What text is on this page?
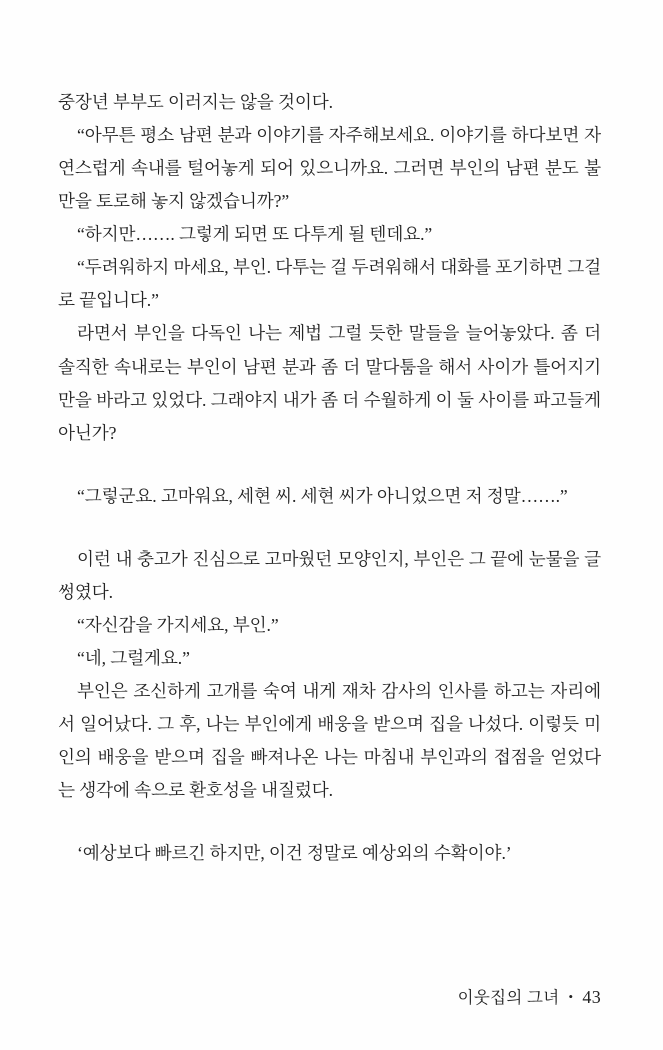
중장년 부부도 이러지는 않을 것이다.

“아무튼 평소 남편 분과 이야기를 자주해보세요. 이야기를 하다보면 자연스럽게 속내를 털어놓게 되어 있으니까요. 그러면 부인의 남편 분도 불만을 토로해 놓지 않겠습니까?”

“하지만……. 그렇게 되면 또 다투게 될 텐데요.”

“두려워하지 마세요, 부인. 다투는 걸 두려워해서 대화를 포기하면 그걸로 끝입니다.”

라면서 부인을 다독인 나는 제법 그럴 듯한 말들을 늘어놓았다. 좀 더 솔직한 속내로는 부인이 남편 분과 좀 더 말다툼을 해서 사이가 틀어지기만을 바라고 있었다. 그래야지 내가 좀 더 수월하게 이 둘 사이를 파고들게 아닌가?

“그렇군요. 고마워요, 세현 씨. 세현 씨가 아니었으면 저 정말…….”

이런 내 충고가 진심으로 고마웠던 모양인지, 부인은 그 끝에 눈물을 글썽였다.

“자신감을 가지세요, 부인.”

“네, 그럴게요.”

부인은 조신하게 고개를 숙여 내게 재차 감사의 인사를 하고는 자리에서 일어났다. 그 후, 나는 부인에게 배웅을 받으며 집을 나섰다. 이렇듯 미인의 배웅을 받으며 집을 빠져나온 나는 마침내 부인과의 접점을 얻었다는 생각에 속으로 환호성을 내질렀다.

‘예상보다 빠르긴 하지만, 이건 정말로 예상외의 수확이야.’

이웃집의 그녀 • 43
